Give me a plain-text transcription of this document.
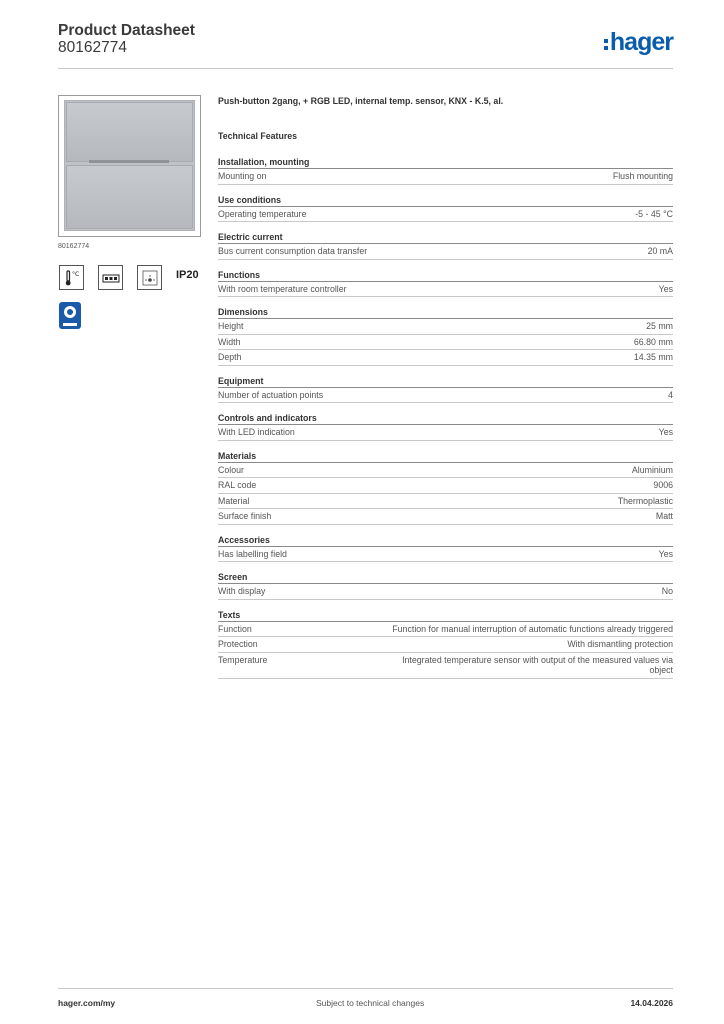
Product Datasheet
80162774	hager
80162774
°C	IP20
Push-button 2gang, + RGB LED, internal temp. sensor, KNX - K.5, al.
Technical Features
Installation, mounting
Mounting on	Flush mounting
Use conditions
Operating temperature	-5 - 45 °C
Electric current
Bus current consumption data transfer	20 mA
Functions
With room temperature controller	Yes
Dimensions
Height	25 mm
Width	66.80 mm
Depth	14.35 mm
Equipment
Number of actuation points	4
Controls and indicators
With LED indication	Yes
Materials
Colour	Aluminium
RAL code	9006
Material	Thermoplastic
Surface finish	Matt
Accessories
Has labelling field	Yes
Screen
With display	No
Texts
Function	Function for manual interruption of automatic functions already triggered
Protection	With dismantling protection
Temperature	Integrated temperature sensor with output of the measured values via object
hager.com/my	Subject to technical changes	14.04.2026
